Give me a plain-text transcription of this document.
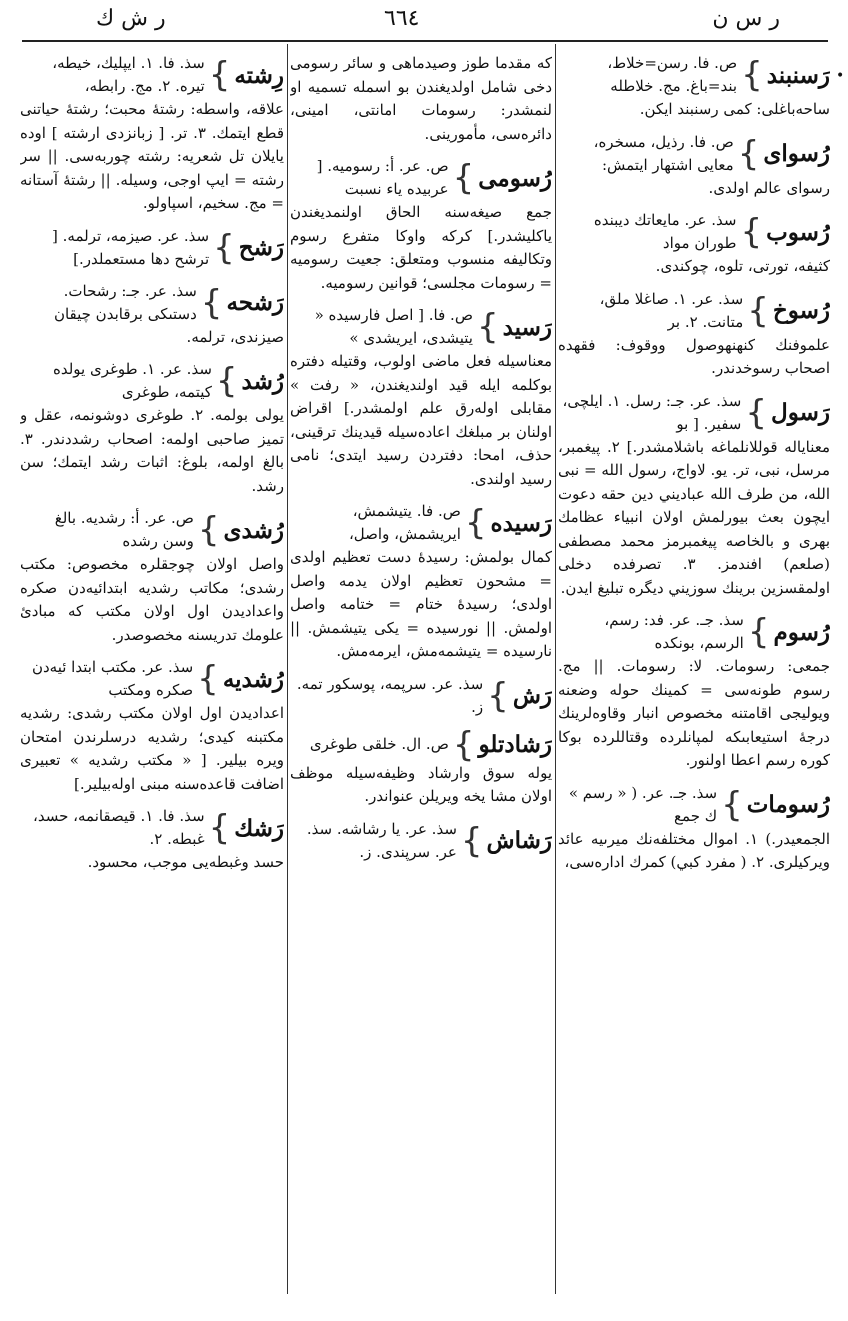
ر س ن
٦٦٤
ر ش ك
•
رَسنبند
}
ص. فا. رسن=خلاط، بند=باغ. مج. خلاطلە
ساحەباغلى: كمى رسنبند ايكن.
رُسواى
}
ص. فا. رذيل، مسخره، معايى اشتهار ايتمش:
رسواى عالم اولدى.
رُسوب
}
سذ. عر. مايعاتك ديبنده طوران مواد
كثيفه، تورتى، تلوه، چوكندى.
رُسوخ
}
سذ. عر. ١. صاغلا ملق، متانت. ٢. بر
علموفنك كنهنهوصول ووقوف: فقهده اصحاب رسوخدندر.
رَسول
}
سذ. عر. جـ: رسل. ١. ايلچى، سفير. [ بو
معناياله قوللانلماغه باشلامشدر.] ٢. پيغمبر، مرسل، نبى، تر. يو. لاواج، رسول الله = نبى الله، من طرف الله عباديني دين حقه دعوت ايچون بعث بيورلمش اولان انبياء عظامك بهرى و بالخاصه پيغمبرمز محمد مصطفى (صلعم) افندمز. ٣. تصرفده دخلى اولمقسزين برينك سوزيني ديگره تبليغ ايدن.
رُسوم
}
سذ. جـ. عر. فد: رسم، الرسم، بونكده
جمعى: رسومات. لا: رسومات. || مج. رسوم طونەسى = كمينك حولە وضعنە ويوليجى اقامتنە مخصوص انبار وقاوەلرينك درجۀ استيعابىكە لمپانلردە وقتاللردە بوكا كورە رسم اعطا اولنور.
رُسومات
}
سذ. جـ. عر. ( « رسم » ك جمع
الجمعيدر.) ١. اموال مختلفەنك ميرىيه عائد ويركيلرى. ٢. ( مفرد كبي) كمرك ادارەسى،
كه مقدما طوز وصيدماهى و سائر رسومى دخى شامل اولديغندن بو اسمله تسميه او لنمشدر: رسومات امانتى، امينى، دائرەسى، مأمورينى.
رُسومى
}
ص. عر. أ: رسوميه. [ عربيده ياء نسبت
جمع صيغەسنه الحاق اولنمديغندن ياكليشدر.] كركه واوكا متفرع رسوم وتكاليفه منسوب ومتعلق: جعيت رسوميه = رسومات مجلسى؛ قوانين رسوميه.
رَسيد
}
ص. فا. [ اصل فارسيده « يتيشدى، ايريشدى »
معناسيله فعل ماضى اولوب، وقتيله دفتره بوكلمه ايله قيد اولنديغندن، « رفت » مقابلى اولەرق علم اولمشدر.] اقراض اولنان بر مبلغك اعادەسيله قيدينك ترقينى، حذف، امحا: دفتردن رسيد ايتدى؛ نامى رسيد اولندى.
رَسيدە
}
ص. فا. يتيشمش، ايريشمش، واصل،
كمال بولمش: رسيدۀ دست تعظيم اولدى = مشحون تعظيم اولان يدمه واصل اولدى؛ رسيدۀ ختام = ختامه واصل اولمش. || نورسيده = يكى يتيشمش. || نارسيده = يتيشمەمش، ايرمەمش.
رَش
}
سذ. عر. سرپمه، پوسكور تمه. ز.
رَشادتلو
}
ص. ال. خلقى طوغرى
يوله سوق وارشاد وظيفەسيله موظف اولان مشا يخه ويريلن عنواندر.
رَشاش
}
سذ. عر. يا رشاشه. سذ. عر. سرپندى. ز.
رِشته
}
سذ. فا. ١. ايپليك، خيطه، تيره. ٢. مج. رابطه،
علاقه، واسطه: رشتۀ محبت؛ رشتۀ حياتنى قطع ايتمك. ٣. تر. [ زبانزدى ارشته ] اوده يايلان تل شعريه: رشته چوربەسى. || سر رشته = ايپ اوجى، وسيله. || رشتۀ آستانه = مج. سخيم، اسپاولو.
رَشح
}
سذ. عر. صيزمه، ترلمه. [ ترشح دها مستعملدر.]
رَشحه
}
سذ. عر. جـ: رشحات. دستىكى برقابدن چيقان
صيزندى، ترلمه.
رُشد
}
سذ. عر. ١. طوغرى يولده كيتمه، طوغرى
يولى بولمه. ٢. طوغرى دوشونمه، عقل و تميز صاحبى اولمه: اصحاب رشددندر. ٣. بالغ اولمه، بلوغ: اثبات رشد ايتمك؛ سن رشد.
رُشدى
}
ص. عر. أ: رشديه. بالغ وسن رشده
واصل اولان چوجقلره مخصوص: مكتب رشدى؛ مكاتب رشديه ابتدائيەدن صكره واعداديدن اول اولان مكتب كه مبادئ علومك تدريسنه مخصوصدر.
رُشديه
}
سذ. عر. مكتب ابتدا ئيەدن صكره ومكتب
اعداديدن اول اولان مكتب رشدى: رشديه مكتبنه كيدى؛ رشديه درسلرندن امتحان ويره بيلير. [ « مكتب رشديه » تعبيرى اضافت قاعدەسنه مبنى اولەبيلير.]
رَشك
}
سذ. فا. ١. قيصقانمه، حسد، غبطه. ٢.
حسد وغبطەيى موجب، محسود.
